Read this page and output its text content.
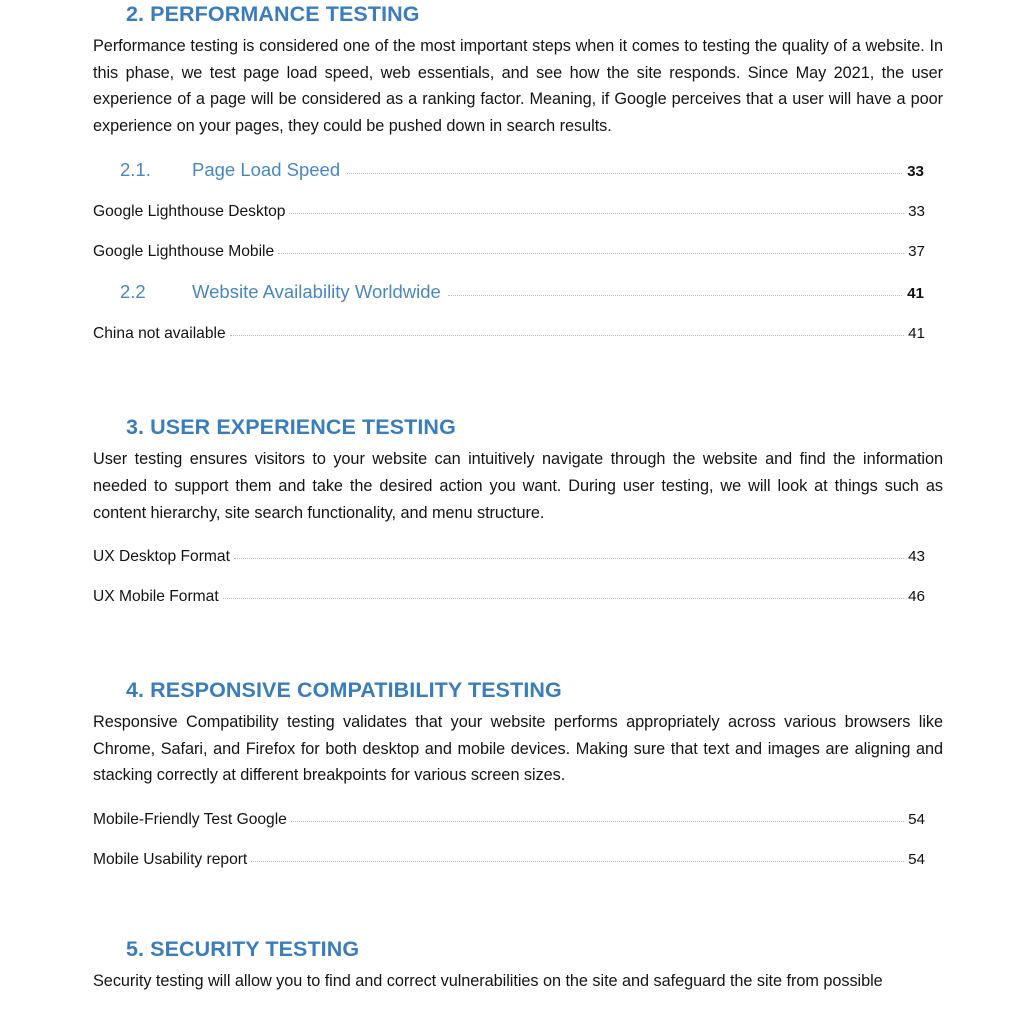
2. PERFORMANCE TESTING

Performance testing is considered one of the most important steps when it comes to testing the quality of a website. In this phase, we test page load speed, web essentials, and see how the site responds. Since May 2021, the user experience of a page will be considered as a ranking factor. Meaning, if Google perceives that a user will have a poor experience on your pages, they could be pushed down in search results.

2.1.	Page Load Speed	33
Google Lighthouse Desktop	33
Google Lighthouse Mobile	37
2.2	Website Availability Worldwide	41
China not available	41
3. USER EXPERIENCE TESTING

User testing ensures visitors to your website can intuitively navigate through the website and find the information needed to support them and take the desired action you want. During user testing, we will look at things such as content hierarchy, site search functionality, and menu structure.

UX Desktop Format	43
UX Mobile Format	46
4. RESPONSIVE COMPATIBILITY TESTING

Responsive Compatibility testing validates that your website performs appropriately across various browsers like Chrome, Safari, and Firefox for both desktop and mobile devices. Making sure that text and images are aligning and stacking correctly at different breakpoints for various screen sizes.

Mobile-Friendly Test Google	54
Mobile Usability report	54
5. SECURITY TESTING

Security testing will allow you to find and correct vulnerabilities on the site and safeguard the site from possible
